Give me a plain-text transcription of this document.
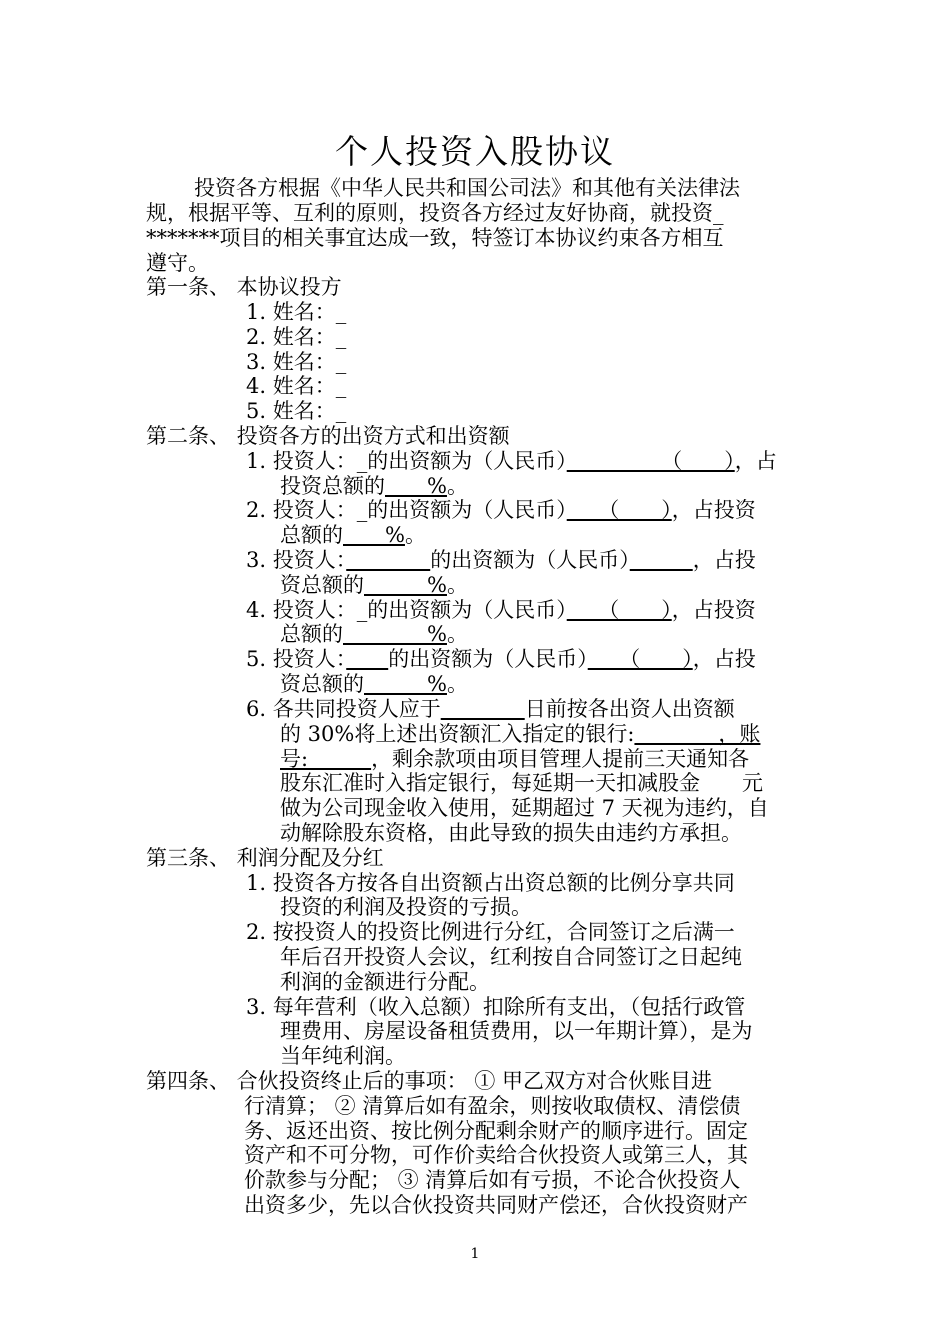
个人投资入股协议
投资各方根据《中华人民共和国公司法》和其他有关法律法
规，根据平等、互利的原则，投资各方经过友好协商，就投资_
*******项目的相关事宜达成一致，特签订本协议约束各方相互
遵守。
第一条、 本协议投方
1. 姓名：_
2. 姓名：_
3. 姓名：_
4. 姓名：_
5. 姓名：_
第二条、 投资各方的出资方式和出资额
1. 投资人：_的出资额为（人民币）　　　　　（　　），占
投资总额的　　%。
2. 投资人：_的出资额为（人民币）　　（　　），占投资
总额的　　%。
3. 投资人：　　　　	的出资额为（人民币）　　　	，占投
资总额的　　　%。
4. 投资人：_的出资额为（人民币）　　（　　），占投资
总额的　　　　%。
5. 投资人：　　 的出资额为（人民币）　　（　　），占投
资总额的　　　%。
6. 各共同投资人应于　　　　	日前按各出资人出资额
的 30%将上述出资额汇入指定的银行:　　　　，账
号:　　　，剩余款项由项目管理人提前三天通知各
股东汇准时入指定银行，每延期一天扣减股金　　元
做为公司现金收入使用，延期超过 7 天视为违约，自
动解除股东资格，由此导致的损失由违约方承担。
第三条、 利润分配及分红
1. 投资各方按各自出资额占出资总额的比例分享共同
投资的利润及投资的亏损。
2. 按投资人的投资比例进行分红，合同签订之后满一
年后召开投资人会议，红利按自合同签订之日起纯
利润的金额进行分配。
3. 每年营利（收入总额）扣除所有支出，（包括行政管
理费用、房屋设备租赁费用，以一年期计算），是为
当年纯利润。
第四条、 合伙投资终止后的事项： ① 甲乙双方对合伙账目进
行清算； ② 清算后如有盈余，则按收取债权、清偿债
务、返还出资、按比例分配剩余财产的顺序进行。固定
资产和不可分物，可作价卖给合伙投资人或第三人，其
价款参与分配； ③ 清算后如有亏损，不论合伙投资人
出资多少，先以合伙投资共同财产偿还，合伙投资财产
1
